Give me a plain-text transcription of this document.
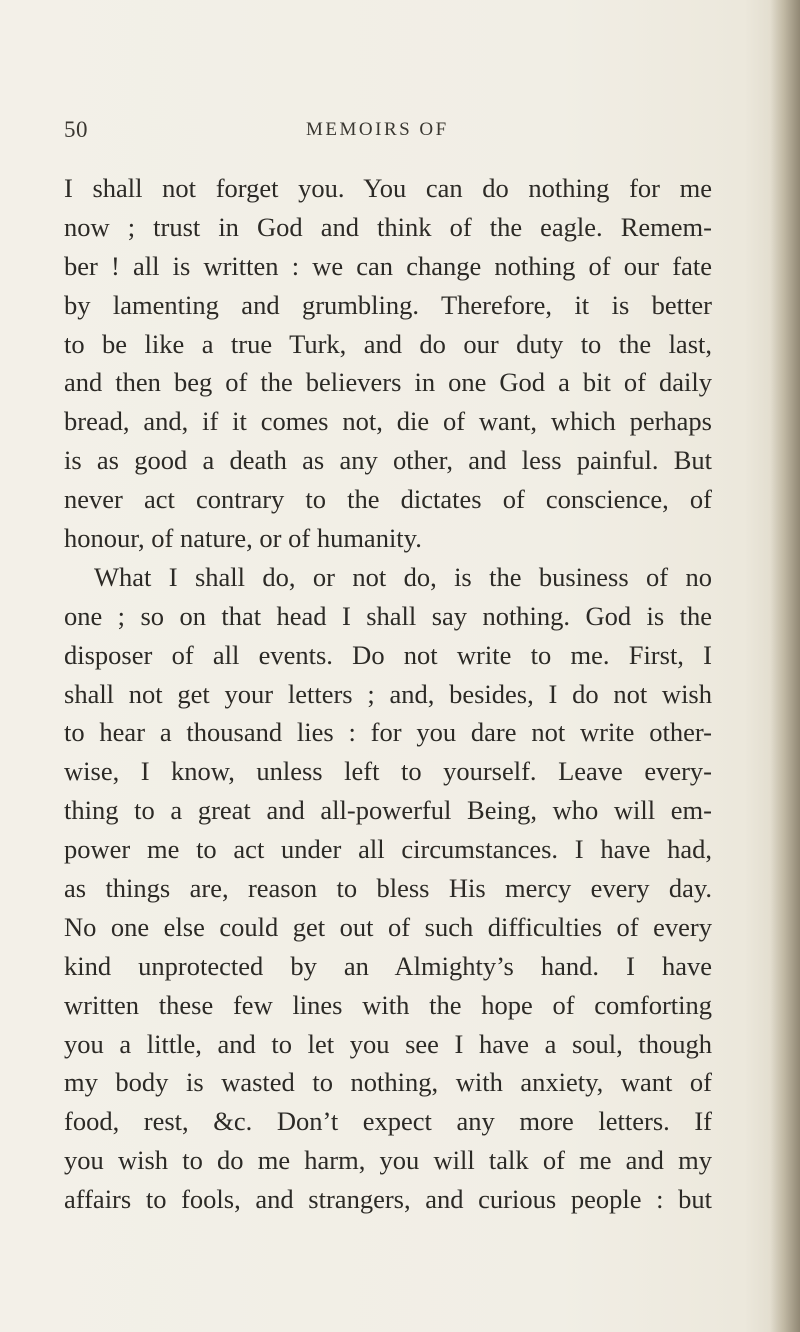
50	MEMOIRS OF
I shall not forget you. You can do nothing for me
now ; trust in God and think of the eagle. Remem-
ber ! all is written : we can change nothing of our fate
by lamenting and grumbling. Therefore, it is better
to be like a true Turk, and do our duty to the last,
and then beg of the believers in one God a bit of daily
bread, and, if it comes not, die of want, which perhaps
is as good a death as any other, and less painful. But
never act contrary to the dictates of conscience, of
honour, of nature, or of humanity.
What I shall do, or not do, is the business of no
one ; so on that head I shall say nothing. God is the
disposer of all events. Do not write to me. First, I
shall not get your letters ; and, besides, I do not wish
to hear a thousand lies : for you dare not write other-
wise, I know, unless left to yourself. Leave every-
thing to a great and all-powerful Being, who will em-
power me to act under all circumstances. I have had,
as things are, reason to bless His mercy every day.
No one else could get out of such difficulties of every
kind unprotected by an Almighty’s hand. I have
written these few lines with the hope of comforting
you a little, and to let you see I have a soul, though
my body is wasted to nothing, with anxiety, want of
food, rest, &c. Don’t expect any more letters. If
you wish to do me harm, you will talk of me and my
affairs to fools, and strangers, and curious people : but
